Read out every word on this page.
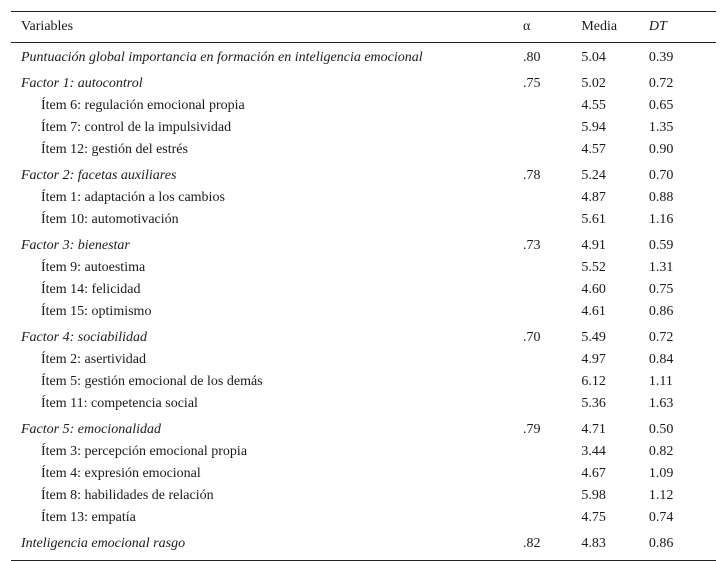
Variables	α	Media	DT
Puntuación global importancia en formación en inteligencia emocional	.80	5.04	0.39
Factor 1: autocontrol	.75	5.02	0.72
Ítem 6: regulación emocional propia		4.55	0.65
Ítem 7: control de la impulsividad		5.94	1.35
Ítem 12: gestión del estrés		4.57	0.90
Factor 2: facetas auxiliares	.78	5.24	0.70
Ítem 1: adaptación a los cambios		4.87	0.88
Ítem 10: automotivación		5.61	1.16
Factor 3: bienestar	.73	4.91	0.59
Ítem 9: autoestima		5.52	1.31
Ítem 14: felicidad		4.60	0.75
Ítem 15: optimismo		4.61	0.86
Factor 4: sociabilidad	.70	5.49	0.72
Ítem 2: asertividad		4.97	0.84
Ítem 5: gestión emocional de los demás		6.12	1.11
Ítem 11: competencia social		5.36	1.63
Factor 5: emocionalidad	.79	4.71	0.50
Ítem 3: percepción emocional propia		3.44	0.82
Ítem 4: expresión emocional		4.67	1.09
Ítem 8: habilidades de relación		5.98	1.12
Ítem 13: empatía		4.75	0.74
Inteligencia emocional rasgo	.82	4.83	0.86
